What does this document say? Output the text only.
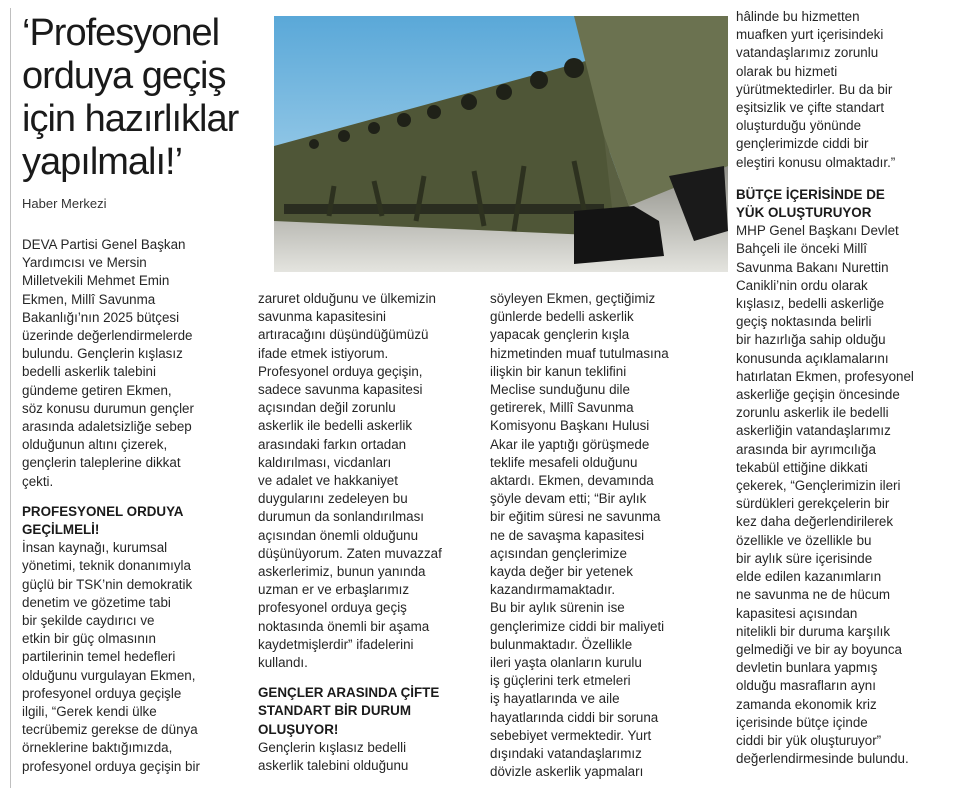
‘Profesyonel
orduya geçiş
için hazırlıklar
yapılmalı!’
Haber Merkezi

DEVA Partisi Genel Başkan
Yardımcısı ve Mersin
Milletvekili Mehmet Emin
Ekmen, Millî Savunma
Bakanlığı’nın 2025 bütçesi
üzerinde değerlendirmelerde
bulundu. Gençlerin kışlasız
bedelli askerlik talebini
gündeme getiren Ekmen,
söz konusu durumun gençler
arasında adaletsizliğe sebep
olduğunun altını çizerek,
gençlerin taleplerine dikkat
çekti.

PROFESYONEL ORDUYA
GEÇİLMELİ!

İnsan kaynağı, kurumsal
yönetimi, teknik donanımıyla
güçlü bir TSK’nin demokratik
denetim ve gözetime tabi
bir şekilde caydırıcı ve
etkin bir güç olmasının
partilerinin temel hedefleri
olduğunu vurgulayan Ekmen,
profesyonel orduya geçişle
ilgili, “Gerek kendi ülke
tecrübemiz gerekse de dünya
örneklerine baktığımızda,
profesyonel orduya geçişin bir

zaruret olduğunu ve ülkemizin
savunma kapasitesini
artıracağını düşündüğümüzü
ifade etmek istiyorum.
Profesyonel orduya geçişin,
sadece savunma kapasitesi
açısından değil zorunlu
askerlik ile bedelli askerlik
arasındaki farkın ortadan
kaldırılması, vicdanları
ve adalet ve hakkaniyet
duygularını zedeleyen bu
durumun da sonlandırılması
açısından önemli olduğunu
düşünüyorum. Zaten muvazzaf
askerlerimiz, bunun yanında
uzman er ve erbaşlarımız
profesyonel orduya geçiş
noktasında önemli bir aşama
kaydetmişlerdir” ifadelerini
kullandı.

GENÇLER ARASINDA ÇİFTE
STANDART BİR DURUM
OLUŞUYOR!

Gençlerin kışlasız bedelli
askerlik talebini olduğunu

söyleyen Ekmen, geçtiğimiz
günlerde bedelli askerlik
yapacak gençlerin kışla
hizmetinden muaf tutulmasına
ilişkin bir kanun teklifini
Meclise sunduğunu dile
getirerek, Millî Savunma
Komisyonu Başkanı Hulusi
Akar ile yaptığı görüşmede
teklife mesafeli olduğunu
aktardı. Ekmen, devamında
şöyle devam etti; “Bir aylık
bir eğitim süresi ne savunma
ne de savaşma kapasitesi
açısından gençlerimize
kayda değer bir yetenek
kazandırmamaktadır.
Bu bir aylık sürenin ise
gençlerimize ciddi bir maliyeti
bulunmaktadır. Özellikle
ileri yaşta olanların kurulu
iş güçlerini terk etmeleri
iş hayatlarında ve aile
hayatlarında ciddi bir soruna
sebebiyet vermektedir. Yurt
dışındaki vatandaşlarımız
dövizle askerlik yapmaları

hâlinde bu hizmetten
muafken yurt içerisindeki
vatandaşlarımız zorunlu
olarak bu hizmeti
yürütmektedirler. Bu da bir
eşitsizlik ve çifte standart
oluşturduğu yönünde
gençlerimizde ciddi bir
eleştiri konusu olmaktadır.”

BÜTÇE İÇERİSİNDE DE
YÜK OLUŞTURUYOR

MHP Genel Başkanı Devlet
Bahçeli ile önceki Millî
Savunma Bakanı Nurettin
Canikli’nin ordu olarak
kışlasız, bedelli askerliğe
geçiş noktasında belirli
bir hazırlığa sahip olduğu
konusunda açıklamalarını
hatırlatan Ekmen, profesyonel
askerliğe geçişin öncesinde
zorunlu askerlik ile bedelli
askerliğin vatandaşlarımız
arasında bir ayrımcılığa
tekabül ettiğine dikkati
çekerek, “Gençlerimizin ileri
sürdükleri gerekçelerin bir
kez daha değerlendirilerek
özellikle ve özellikle bu
bir aylık süre içerisinde
elde edilen kazanımların
ne savunma ne de hücum
kapasitesi açısından
nitelikli bir duruma karşılık
gelmediği ve bir ay boyunca
devletin bunlara yapmış
olduğu masrafların aynı
zamanda ekonomik kriz
içerisinde bütçe içinde
ciddi bir yük oluşturuyor”
değerlendirmesinde bulundu.
